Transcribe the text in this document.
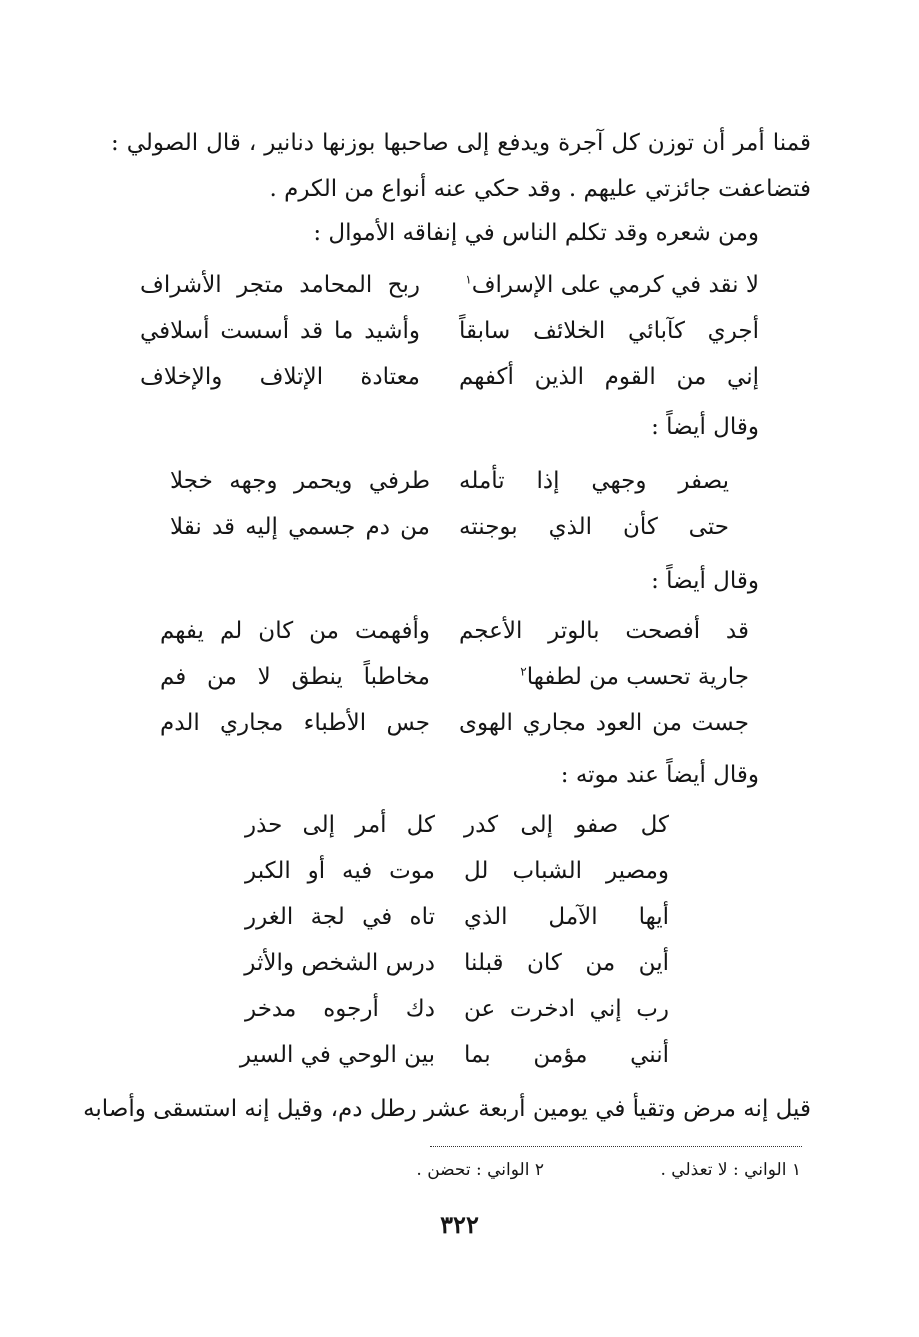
قمنا أمر أن توزن كل آجرة ويدفع إلى صاحبها بوزنها دنانير ، قال الصولي :
فتضاعفت جائزتي عليهم . وقد حكي عنه أنواع من الكرم .
ومن شعره وقد تكلم الناس في إنفاقه الأموال :
لا نقد في كرمي على الإسراف$^١$
ربح المحامد متجر الأشراف
أجري كآبائي الخلائف سابقاً
وأشيد ما قد أسست أسلافي
إني من القوم الذين أكفهم
معتادة الإتلاف والإخلاف
وقال أيضاً :
يصفر وجهي إذا تأمله
طرفي ويحمر وجهه خجلا
حتى كأن الذي بوجنته
من دم جسمي إليه قد نقلا
وقال أيضاً :
قد أفصحت بالوتر الأعجم
وأفهمت من كان لم يفهم
جارية تحسب من لطفها$^٢$
مخاطباً ينطق لا من فم
جست من العود مجاري الهوى
جس الأطباء مجاري الدم
وقال أيضاً عند موته :
كل صفو إلى كدر
كل أمر إلى حذر
ومصير الشباب لل
موت فيه أو الكبر
أيها الآمل الذي
تاه في لجة الغرر
أين من كان قبلنا
درس الشخص والأثر
رب إني ادخرت عن
دك أرجوه مدخر
أنني مؤمن بما
بين الوحي في السير
قيل إنه مرض وتقيأ في يومين أربعة عشر رطل دم، وقيل إنه استسقى وأصابه
١ الواني : لا تعذلي .
٢ الواني : تحضن .
٣٢٢
